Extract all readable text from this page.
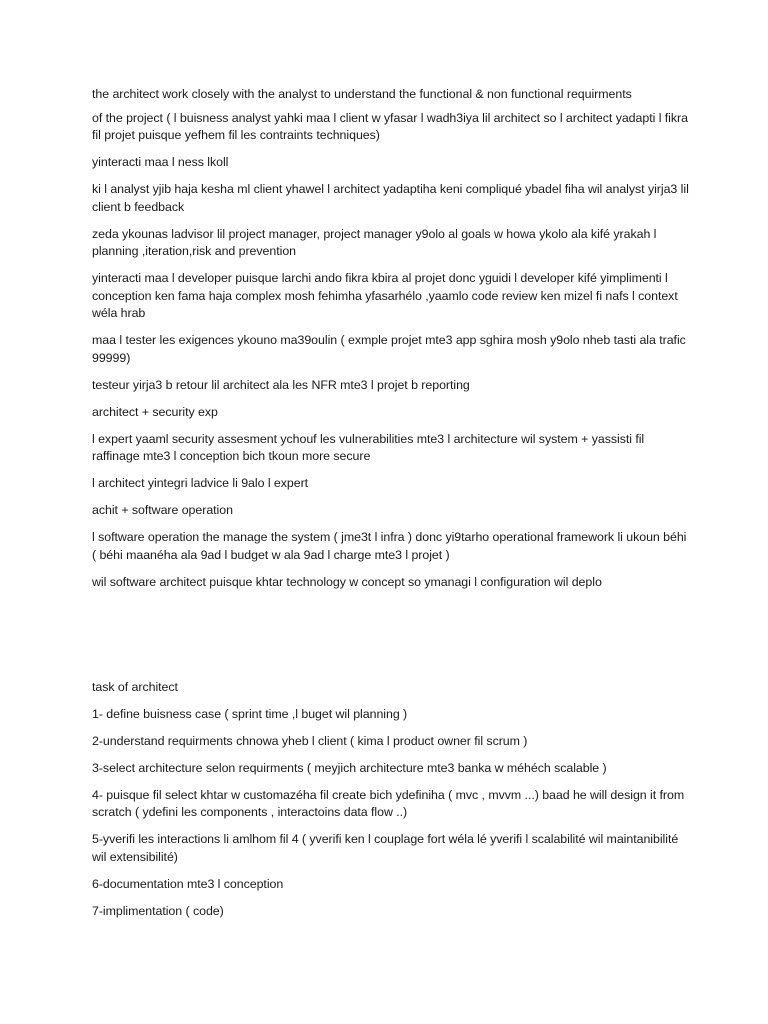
the architect work closely with the analyst to understand the functional & non functional requirments

of the project ( l buisness analyst yahki maa l client w yfasar l wadh3iya lil architect so l architect yadapti l fikra fil projet puisque yefhem fil les contraints techniques)

yinteracti maa l ness lkoll

ki l analyst yjib haja kesha ml client yhawel l architect yadaptiha keni compliqué ybadel fiha wil analyst yirja3 lil client b feedback

zeda ykounas ladvisor lil project manager, project manager y9olo al goals w howa ykolo ala kifé yrakah l planning ,iteration,risk and prevention

yinteracti maa l developer puisque larchi ando fikra kbira al projet donc yguidi l developer kifé yimplimenti l conception ken fama haja complex mosh fehimha yfasarhélo ,yaamlo code review ken mizel fi nafs l context wéla hrab

maa l tester les exigences ykouno ma39oulin ( exmple projet mte3 app sghira mosh y9olo nheb tasti ala trafic 99999)

testeur yirja3 b retour lil architect ala les NFR mte3 l projet b reporting

architect + security exp

l expert yaaml security assesment ychouf les vulnerabilities mte3 l architecture wil system + yassisti fil raffinage mte3 l conception bich tkoun more secure

l architect yintegri ladvice li 9alo l expert

achit + software operation

l software operation the manage the system ( jme3t l infra ) donc yi9tarho operational framework li ukoun béhi ( béhi maanéha ala 9ad l budget w ala 9ad l charge mte3 l projet )

wil software architect puisque khtar technology w concept so ymanagi l configuration wil deplo

task of architect

1- define buisness case ( sprint time ,l buget wil planning )

2-understand requirments chnowa yheb l client ( kima l product owner fil scrum )

3-select architecture selon requirments ( meyjich architecture mte3 banka w méhéch scalable )

4- puisque fil select khtar w customazéha fil create bich ydefiniha ( mvc , mvvm ...) baad he will design it from scratch ( ydefini les components , interactoins data flow ..)

5-yverifi les interactions li amlhom fil 4 ( yverifi ken l couplage fort wéla lé yverifi l scalabilité wil maintanibilité wil extensibilité)

6-documentation mte3 l conception

7-implimentation ( code)
